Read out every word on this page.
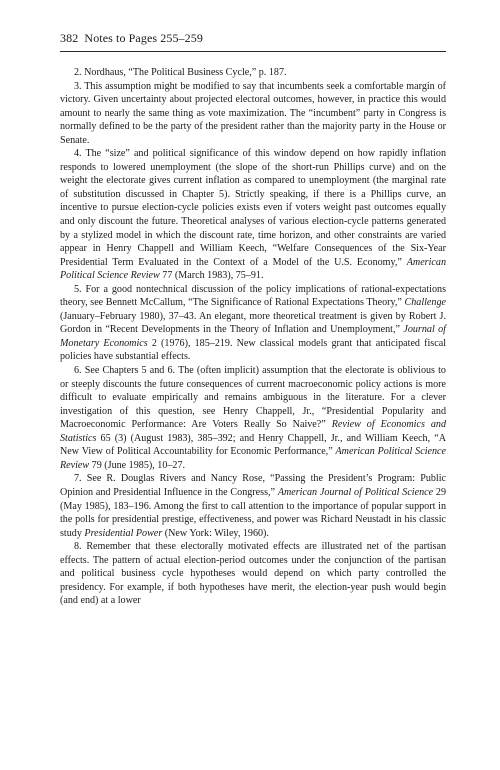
382 Notes to Pages 255–259

2. Nordhaus, “The Political Business Cycle,” p. 187.

3. This assumption might be modified to say that incumbents seek a comfortable margin of victory. Given uncertainty about projected electoral outcomes, however, in practice this would amount to nearly the same thing as vote maximization. The “incumbent” party in Congress is normally defined to be the party of the president rather than the majority party in the House or Senate.

4. The “size” and political significance of this window depend on how rapidly inflation responds to lowered unemployment (the slope of the short-run Phillips curve) and on the weight the electorate gives current inflation as compared to unemployment (the marginal rate of substitution discussed in Chapter 5). Strictly speaking, if there is a Phillips curve, an incentive to pursue election-cycle policies exists even if voters weight past outcomes equally and only discount the future. Theoretical analyses of various election-cycle patterns generated by a stylized model in which the discount rate, time horizon, and other constraints are varied appear in Henry Chappell and William Keech, “Welfare Consequences of the Six-Year Presidential Term Evaluated in the Context of a Model of the U.S. Economy,” American Political Science Review 77 (March 1983), 75–91.

5. For a good nontechnical discussion of the policy implications of rational-expectations theory, see Bennett McCallum, “The Significance of Rational Expectations Theory,” Challenge (January–February 1980), 37–43. An elegant, more theoretical treatment is given by Robert J. Gordon in “Recent Developments in the Theory of Inflation and Unemployment,” Journal of Monetary Economics 2 (1976), 185–219. New classical models grant that anticipated fiscal policies have substantial effects.

6. See Chapters 5 and 6. The (often implicit) assumption that the electorate is oblivious to or steeply discounts the future consequences of current macroeconomic policy actions is more difficult to evaluate empirically and remains ambiguous in the literature. For a clever investigation of this question, see Henry Chappell, Jr., “Presidential Popularity and Macroeconomic Performance: Are Voters Really So Naive?” Review of Economics and Statistics 65 (3) (August 1983), 385–392; and Henry Chappell, Jr., and William Keech, “A New View of Political Accountability for Economic Performance,” American Political Science Review 79 (June 1985), 10–27.

7. See R. Douglas Rivers and Nancy Rose, “Passing the President’s Program: Public Opinion and Presidential Influence in the Congress,” American Journal of Political Science 29 (May 1985), 183–196. Among the first to call attention to the importance of popular support in the polls for presidential prestige, effectiveness, and power was Richard Neustadt in his classic study Presidential Power (New York: Wiley, 1960).

8. Remember that these electorally motivated effects are illustrated net of the partisan effects. The pattern of actual election-period outcomes under the conjunction of the partisan and political business cycle hypotheses would depend on which party controlled the presidency. For example, if both hypotheses have merit, the election-year push would begin (and end) at a lower
